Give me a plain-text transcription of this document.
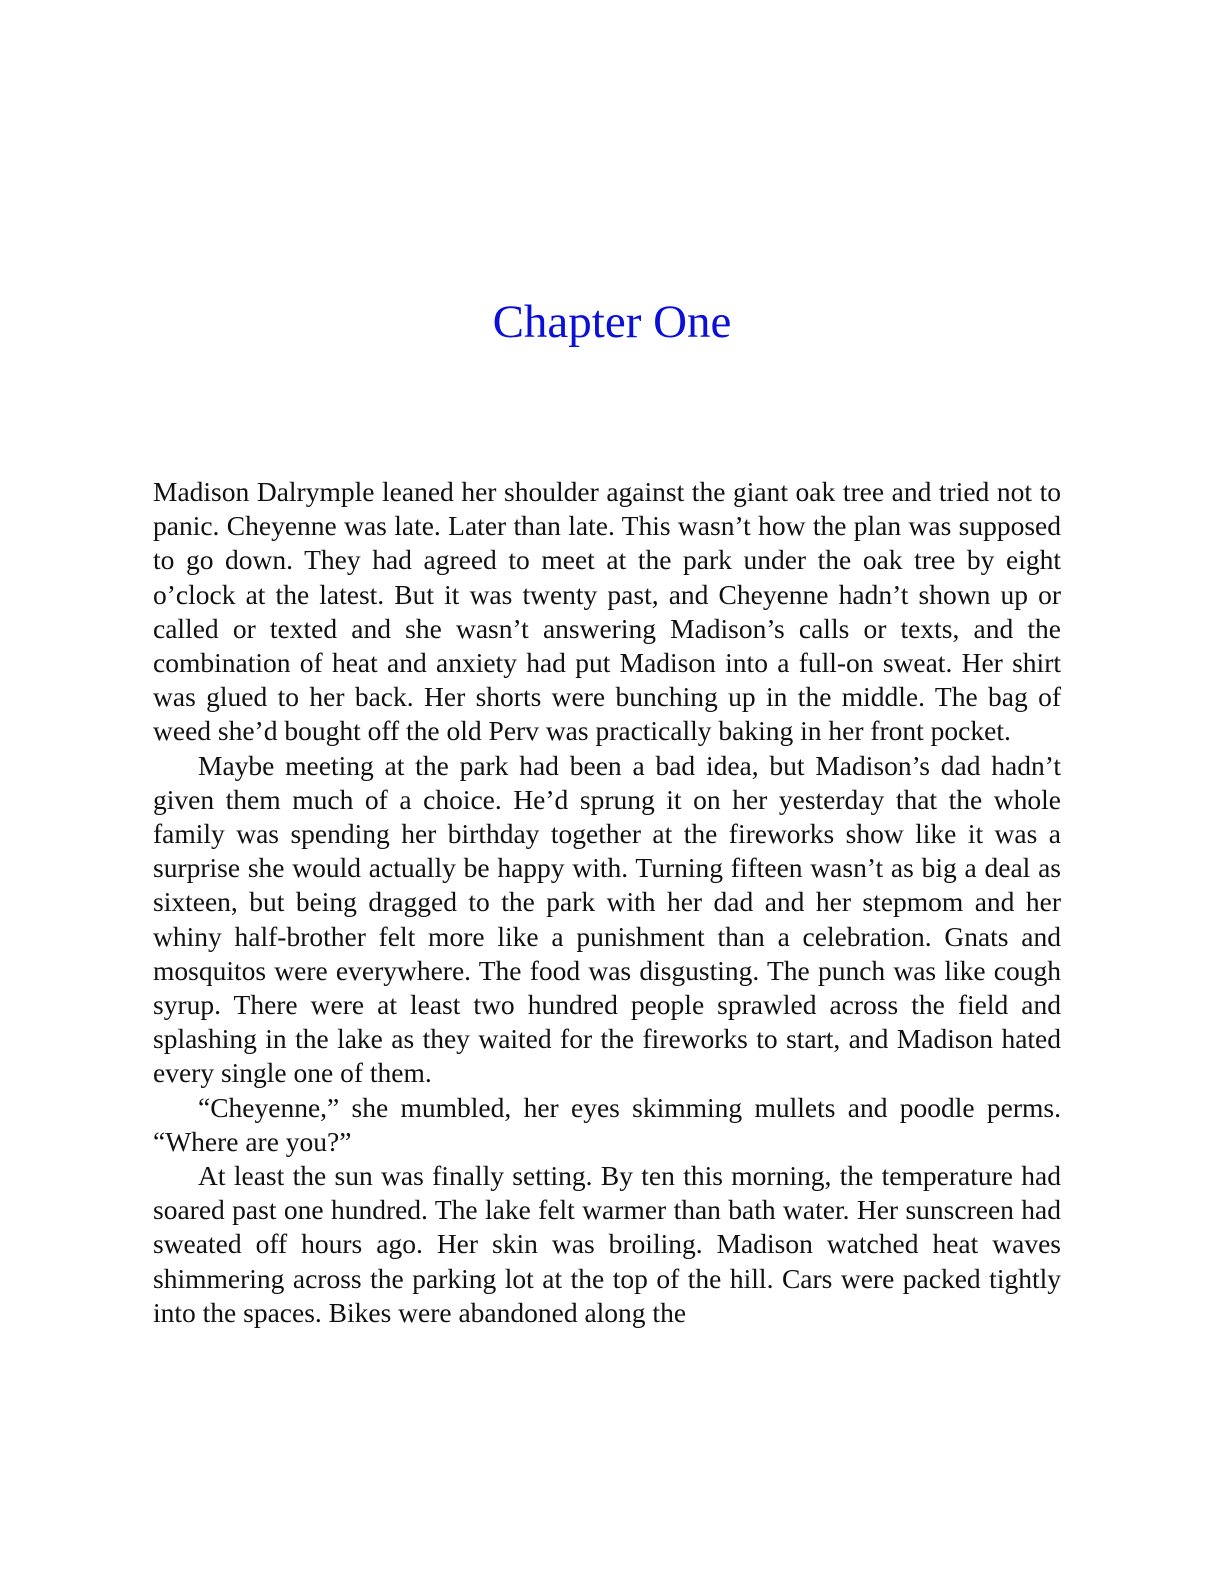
Chapter One

Madison Dalrymple leaned her shoulder against the giant oak tree and tried not to panic. Cheyenne was late. Later than late. This wasn’t how the plan was supposed to go down. They had agreed to meet at the park under the oak tree by eight o’clock at the latest. But it was twenty past, and Cheyenne hadn’t shown up or called or texted and she wasn’t answering Madison’s calls or texts, and the combination of heat and anxiety had put Madison into a full-on sweat. Her shirt was glued to her back. Her shorts were bunching up in the middle. The bag of weed she’d bought off the old Perv was practically baking in her front pocket.

Maybe meeting at the park had been a bad idea, but Madison’s dad hadn’t given them much of a choice. He’d sprung it on her yesterday that the whole family was spending her birthday together at the fireworks show like it was a surprise she would actually be happy with. Turning fifteen wasn’t as big a deal as sixteen, but being dragged to the park with her dad and her stepmom and her whiny half-brother felt more like a punishment than a celebration. Gnats and mosquitos were everywhere. The food was disgusting. The punch was like cough syrup. There were at least two hundred people sprawled across the field and splashing in the lake as they waited for the fireworks to start, and Madison hated every single one of them.

“Cheyenne,” she mumbled, her eyes skimming mullets and poodle perms. “Where are you?”

At least the sun was finally setting. By ten this morning, the temperature had soared past one hundred. The lake felt warmer than bath water. Her sunscreen had sweated off hours ago. Her skin was broiling. Madison watched heat waves shimmering across the parking lot at the top of the hill. Cars were packed tightly into the spaces. Bikes were abandoned along the
